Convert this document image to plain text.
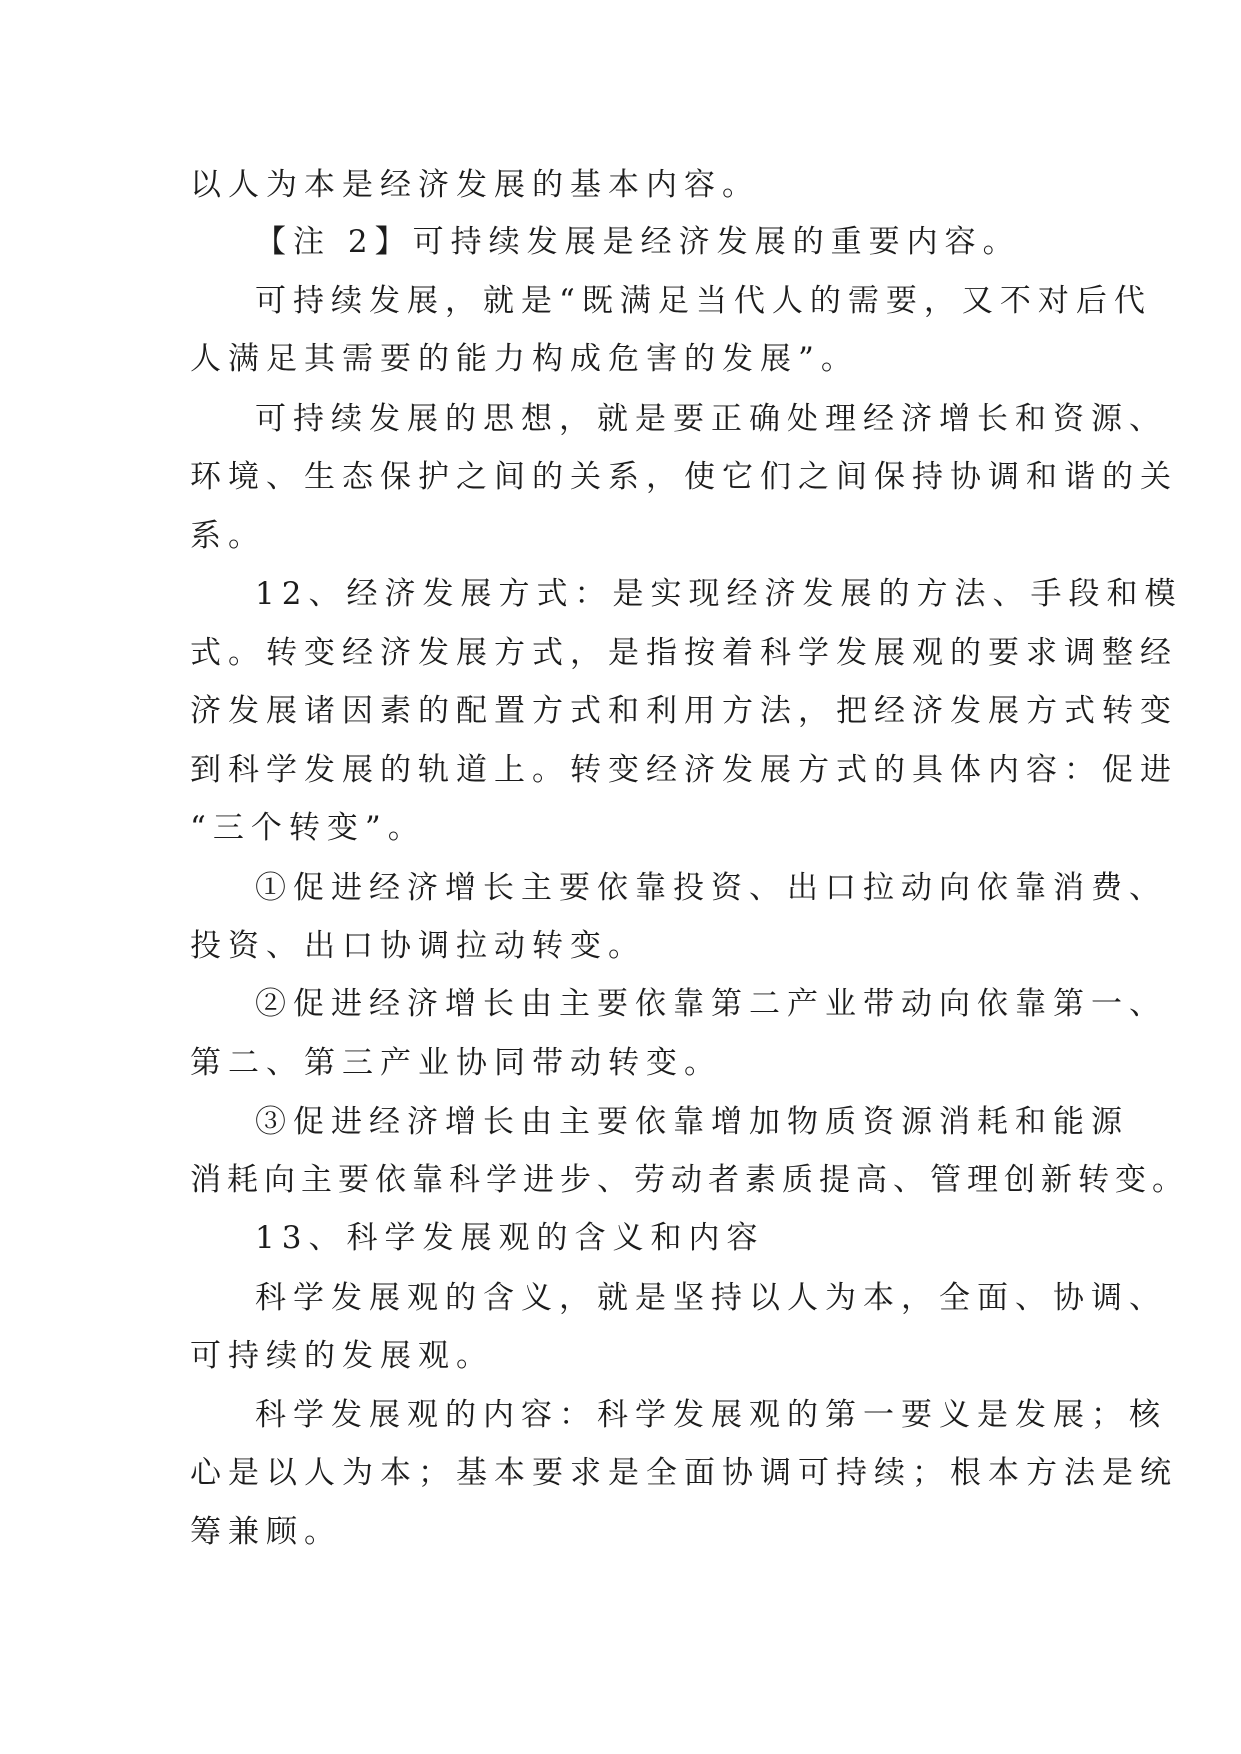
以人为本是经济发展的基本内容。
【注 2】可持续发展是经济发展的重要内容。
可持续发展，就是“既满足当代人的需要，又不对后代
人满足其需要的能力构成危害的发展”。
可持续发展的思想，就是要正确处理经济增长和资源、
环境、生态保护之间的关系，使它们之间保持协调和谐的关
系。
12、经济发展方式：是实现经济发展的方法、手段和模
式。转变经济发展方式，是指按着科学发展观的要求调整经
济发展诸因素的配置方式和利用方法，把经济发展方式转变
到科学发展的轨道上。转变经济发展方式的具体内容：促进
“三个转变”。
①促进经济增长主要依靠投资、出口拉动向依靠消费、
投资、出口协调拉动转变。
②促进经济增长由主要依靠第二产业带动向依靠第一、
第二、第三产业协同带动转变。
③促进经济增长由主要依靠增加物质资源消耗和能源
消耗向主要依靠科学进步、劳动者素质提高、管理创新转变。
13、科学发展观的含义和内容
科学发展观的含义，就是坚持以人为本，全面、协调、
可持续的发展观。
科学发展观的内容：科学发展观的第一要义是发展；核
心是以人为本；基本要求是全面协调可持续；根本方法是统
筹兼顾。
